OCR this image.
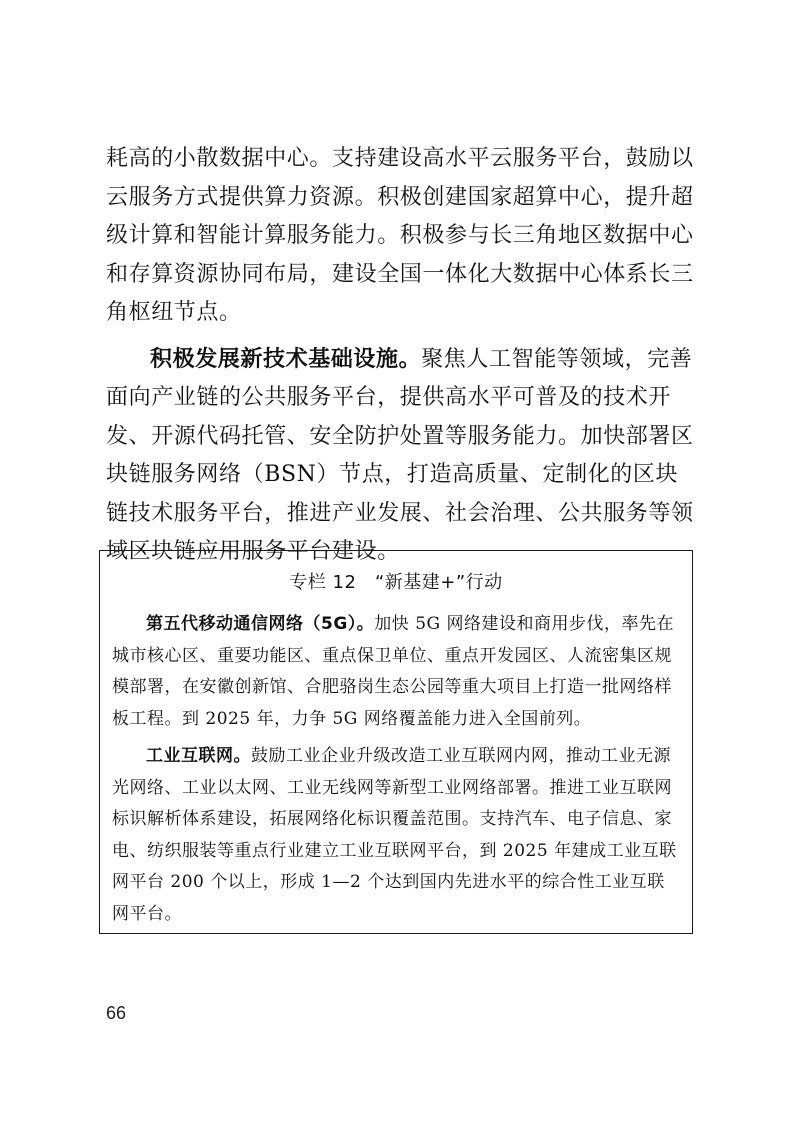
耗高的小散数据中心。支持建设高水平云服务平台，鼓励以云服务方式提供算力资源。积极创建国家超算中心，提升超级计算和智能计算服务能力。积极参与长三角地区数据中心和存算资源协同布局，建设全国一体化大数据中心体系长三角枢纽节点。

积极发展新技术基础设施。聚焦人工智能等领域，完善面向产业链的公共服务平台，提供高水平可普及的技术开发、开源代码托管、安全防护处置等服务能力。加快部署区块链服务网络（BSN）节点，打造高质量、定制化的区块链技术服务平台，推进产业发展、社会治理、公共服务等领域区块链应用服务平台建设。

专栏 12　“新基建+”行动

第五代移动通信网络（5G）。加快 5G 网络建设和商用步伐，率先在城市核心区、重要功能区、重点保卫单位、重点开发园区、人流密集区规模部署，在安徽创新馆、合肥骆岗生态公园等重大项目上打造一批网络样板工程。到 2025 年，力争 5G 网络覆盖能力进入全国前列。

工业互联网。鼓励工业企业升级改造工业互联网内网，推动工业无源光网络、工业以太网、工业无线网等新型工业网络部署。推进工业互联网标识解析体系建设，拓展网络化标识覆盖范围。支持汽车、电子信息、家电、纺织服装等重点行业建立工业互联网平台，到 2025 年建成工业互联网平台 200 个以上，形成 1—2 个达到国内先进水平的综合性工业互联网平台。

66
